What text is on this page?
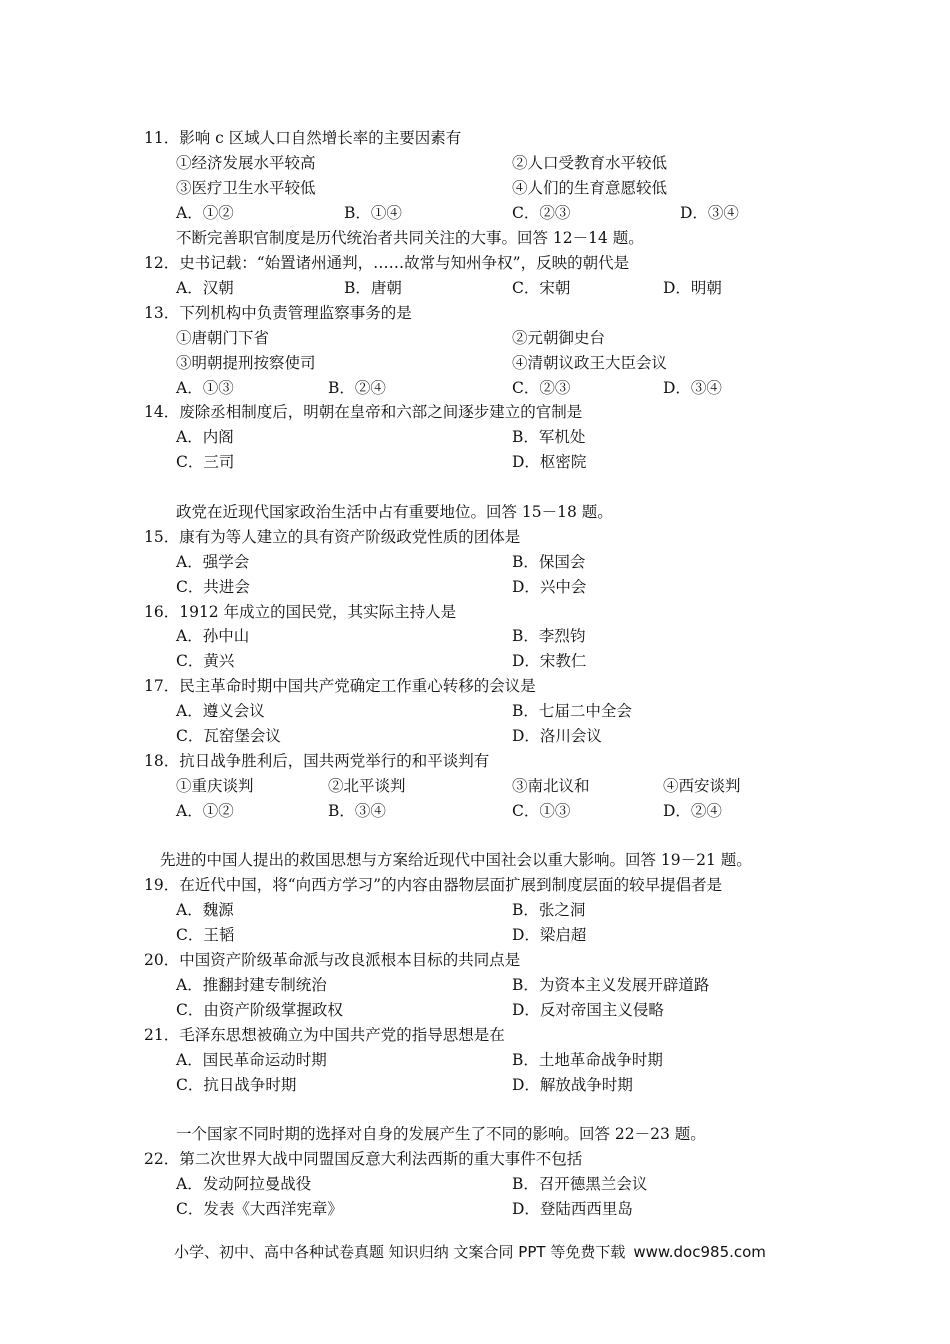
11．影响 c 区域人口自然增长率的主要因素有
①经济发展水平较高	②人口受教育水平较低
③医疗卫生水平较低	④人们的生育意愿较低
A．①②	B．①④	C．②③	D．③④
不断完善职官制度是历代统治者共同关注的大事。回答 12－14 题。
12．史书记载：“始置诸州通判，……故常与知州争权”，反映的朝代是
A．汉朝	B．唐朝	C．宋朝	D．明朝
13．下列机构中负责管理监察事务的是
①唐朝门下省	②元朝御史台
③明朝提刑按察使司	④清朝议政王大臣会议
A．①③	B．②④	C．②③	D．③④
14．废除丞相制度后，明朝在皇帝和六部之间逐步建立的官制是
A．内阁	B．军机处
C．三司	D．枢密院
政党在近现代国家政治生活中占有重要地位。回答 15－18 题。
15．康有为等人建立的具有资产阶级政党性质的团体是
A．强学会	B．保国会
C．共进会	D．兴中会
16．1912 年成立的国民党，其实际主持人是
A．孙中山	B．李烈钧
C．黄兴	D．宋教仁
17．民主革命时期中国共产党确定工作重心转移的会议是
A．遵义会议	B．七届二中全会
C．瓦窑堡会议	D．洛川会议
18．抗日战争胜利后，国共两党举行的和平谈判有
①重庆谈判	②北平谈判	③南北议和	④西安谈判
A．①②	B．③④	C．①③	D．②④
先进的中国人提出的救国思想与方案给近现代中国社会以重大影响。回答 19－21 题。
19．在近代中国，将“向西方学习”的内容由器物层面扩展到制度层面的较早提倡者是
A．魏源	B．张之洞
C．王韬	D．梁启超
20．中国资产阶级革命派与改良派根本目标的共同点是
A．推翻封建专制统治	B．为资本主义发展开辟道路
C．由资产阶级掌握政权	D．反对帝国主义侵略
21．毛泽东思想被确立为中国共产党的指导思想是在
A．国民革命运动时期	B．土地革命战争时期
C．抗日战争时期	D．解放战争时期
一个国家不同时期的选择对自身的发展产生了不同的影响。回答 22－23 题。
22．第二次世界大战中同盟国反意大利法西斯的重大事件不包括
A．发动阿拉曼战役	B．召开德黑兰会议
C．发表《大西洋宪章》	D．登陆西西里岛
小学、初中、高中各种试卷真题 知识归纳 文案合同 PPT 等免费下载 www.doc985.com
